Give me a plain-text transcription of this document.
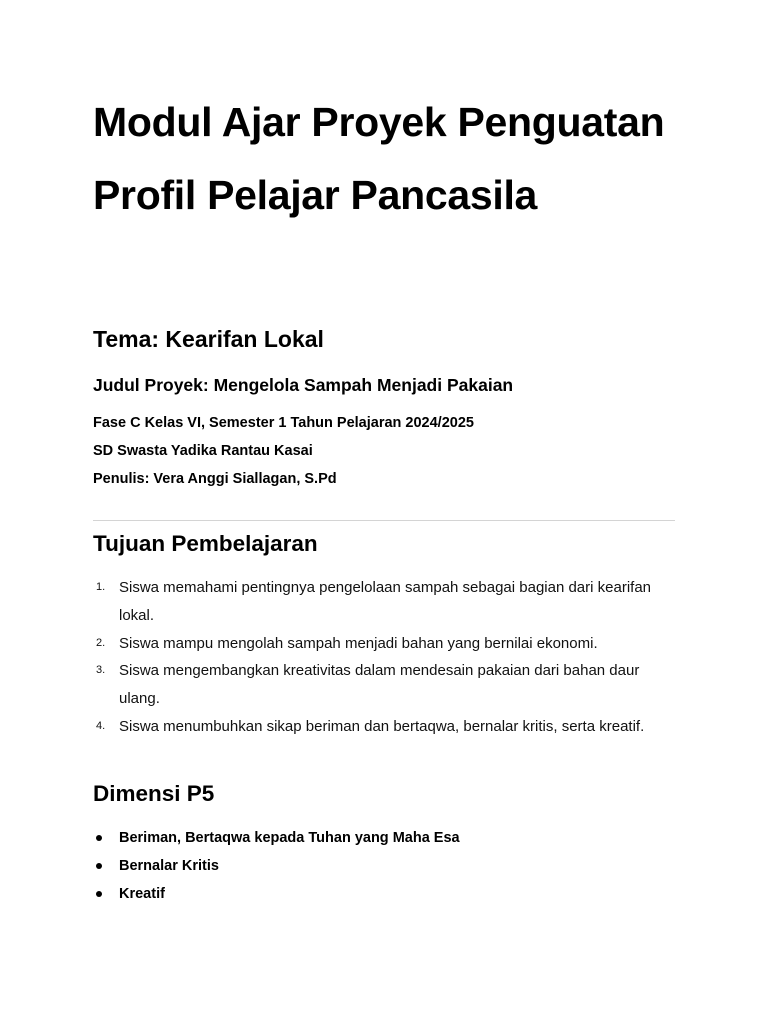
Modul Ajar Proyek Penguatan Profil Pelajar Pancasila
Tema: Kearifan Lokal
Judul Proyek: Mengelola Sampah Menjadi Pakaian
Fase C Kelas VI, Semester 1 Tahun Pelajaran 2024/2025
SD Swasta Yadika Rantau Kasai
Penulis: Vera Anggi Siallagan, S.Pd
Tujuan Pembelajaran
1. Siswa memahami pentingnya pengelolaan sampah sebagai bagian dari kearifan lokal.
2. Siswa mampu mengolah sampah menjadi bahan yang bernilai ekonomi.
3. Siswa mengembangkan kreativitas dalam mendesain pakaian dari bahan daur ulang.
4. Siswa menumbuhkan sikap beriman dan bertaqwa, bernalar kritis, serta kreatif.
Dimensi P5
Beriman, Bertaqwa kepada Tuhan yang Maha Esa
Bernalar Kritis
Kreatif
